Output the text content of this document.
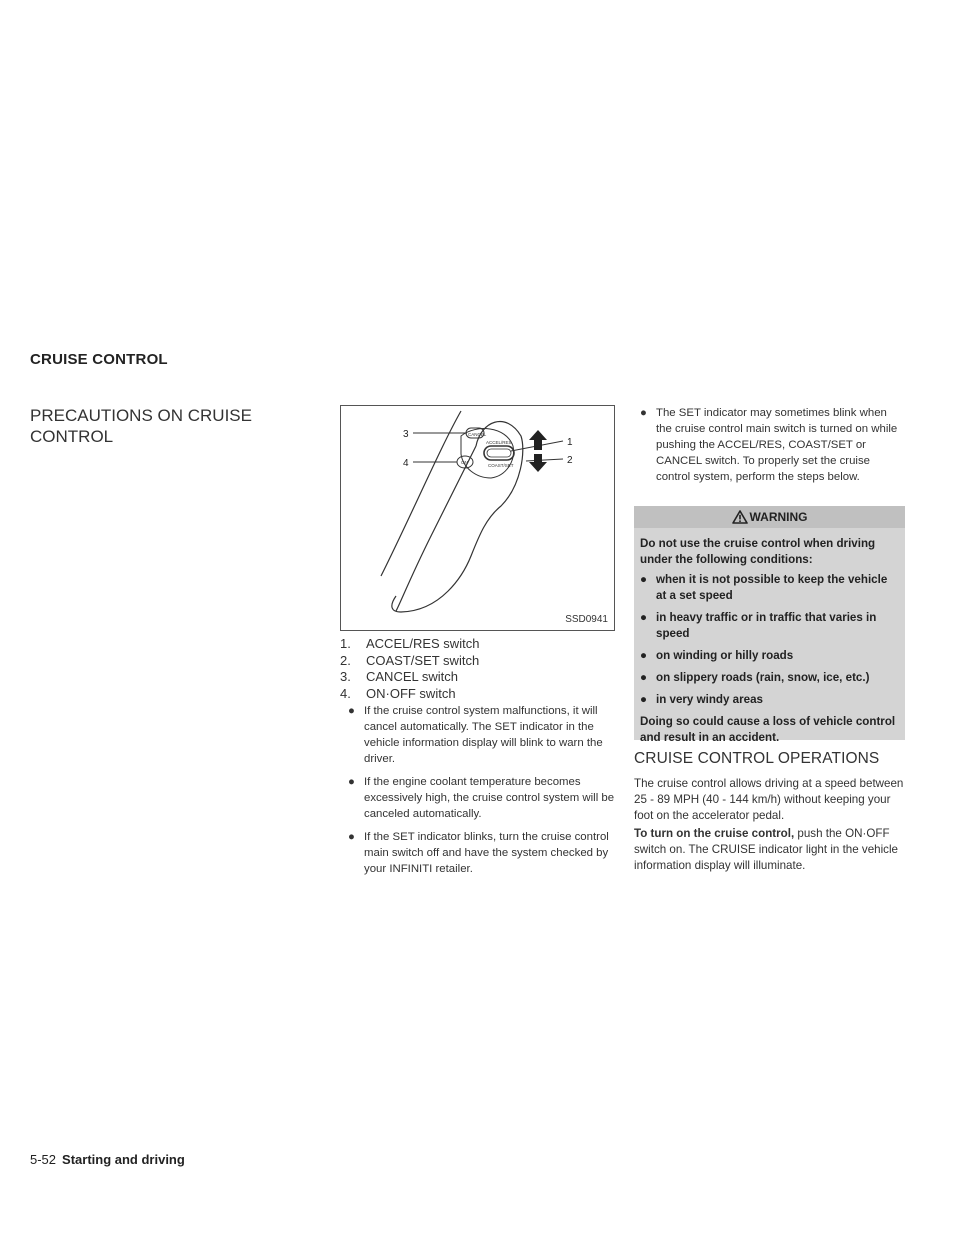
CRUISE CONTROL
PRECAUTIONS ON CRUISE
CONTROL	CANCEL
ACCEL/RES
COAST/SET
ON
1
2
3
4
SSD0941
1. ACCEL/RES switch
2. COAST/SET switch
3. CANCEL switch
4. ON·OFF switch
● If the cruise control system malfunctions, it will cancel automatically. The SET indicator in the vehicle information display will blink to warn the driver.
● If the engine coolant temperature becomes excessively high, the cruise control system will be canceled automatically.
● If the SET indicator blinks, turn the cruise control main switch off and have the system checked by your INFINITI retailer.
● The SET indicator may sometimes blink when the cruise control main switch is turned on while pushing the ACCEL/RES, COAST/SET or CANCEL switch. To properly set the cruise control system, perform the steps below.
WARNING
Do not use the cruise control when driving under the following conditions:
● when it is not possible to keep the vehicle at a set speed
● in heavy traffic or in traffic that varies in speed
● on winding or hilly roads
● on slippery roads (rain, snow, ice, etc.)
● in very windy areas
Doing so could cause a loss of vehicle control and result in an accident.
CRUISE CONTROL OPERATIONS

The cruise control allows driving at a speed between 25 - 89 MPH (40 - 144 km/h) without keeping your foot on the accelerator pedal.

To turn on the cruise control, push the ON·OFF switch on. The CRUISE indicator light in the vehicle information display will illuminate.

5-52 Starting and driving
